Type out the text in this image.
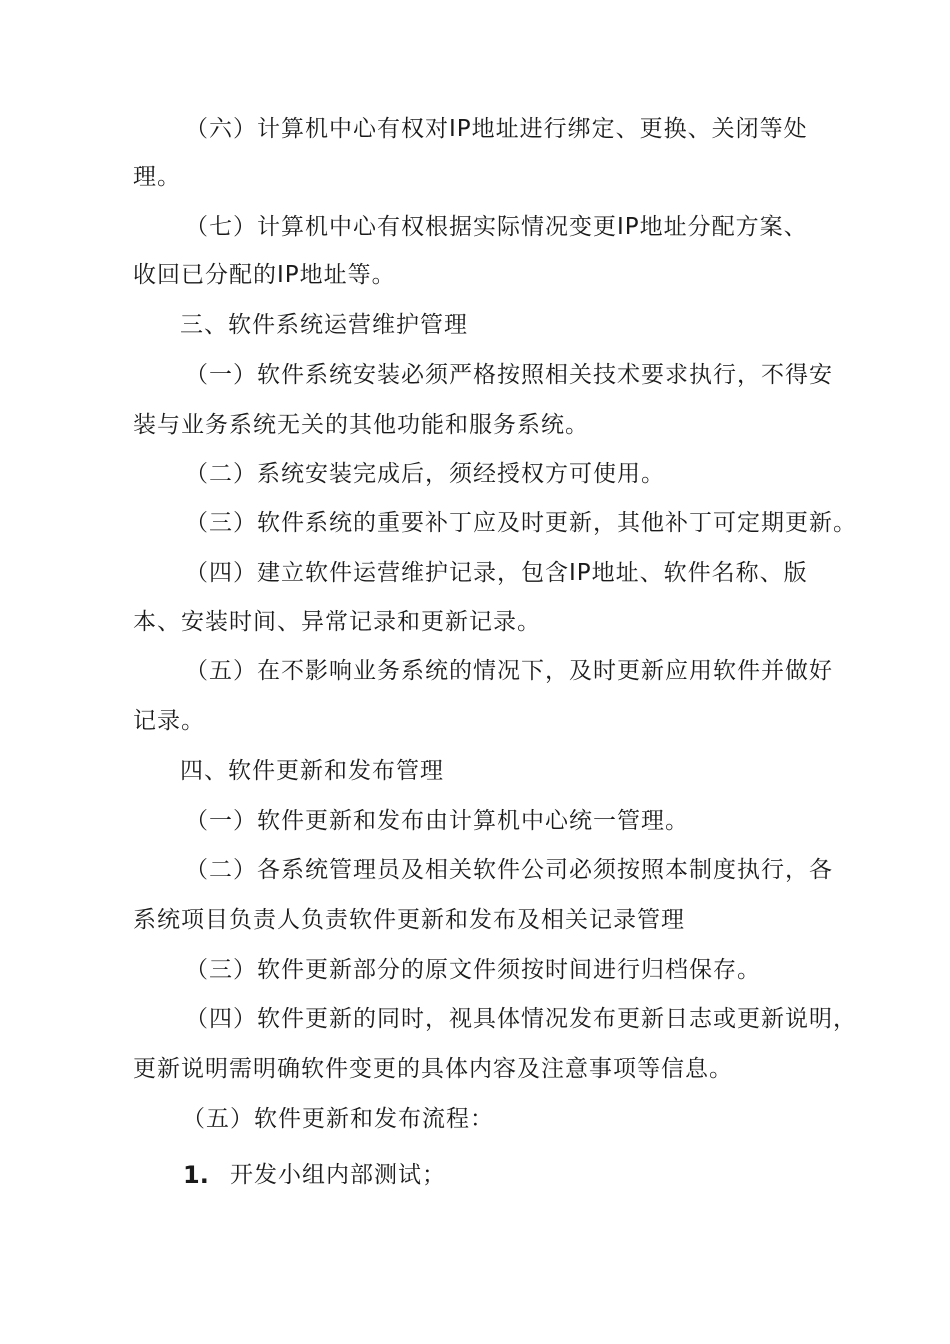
（六）计算机中心有权对IP地址进行绑定、更换、关闭等处
理。
（七）计算机中心有权根据实际情况变更IP地址分配方案、
收回已分配的IP地址等。
三、软件系统运营维护管理
（一）软件系统安装必须严格按照相关技术要求执行，不得安
装与业务系统无关的其他功能和服务系统。
（二）系统安装完成后，须经授权方可使用。
（三）软件系统的重要补丁应及时更新，其他补丁可定期更新。
（四）建立软件运营维护记录，包含IP地址、软件名称、版
本、安装时间、异常记录和更新记录。
（五）在不影响业务系统的情况下，及时更新应用软件并做好
记录。
四、软件更新和发布管理
（一）软件更新和发布由计算机中心统一管理。
（二）各系统管理员及相关软件公司必须按照本制度执行，各
系统项目负责人负责软件更新和发布及相关记录管理
（三）软件更新部分的原文件须按时间进行归档保存。
（四）软件更新的同时，视具体情况发布更新日志或更新说明，
更新说明需明确软件变更的具体内容及注意事项等信息。
（五）软件更新和发布流程：
1. 开发小组内部测试；
